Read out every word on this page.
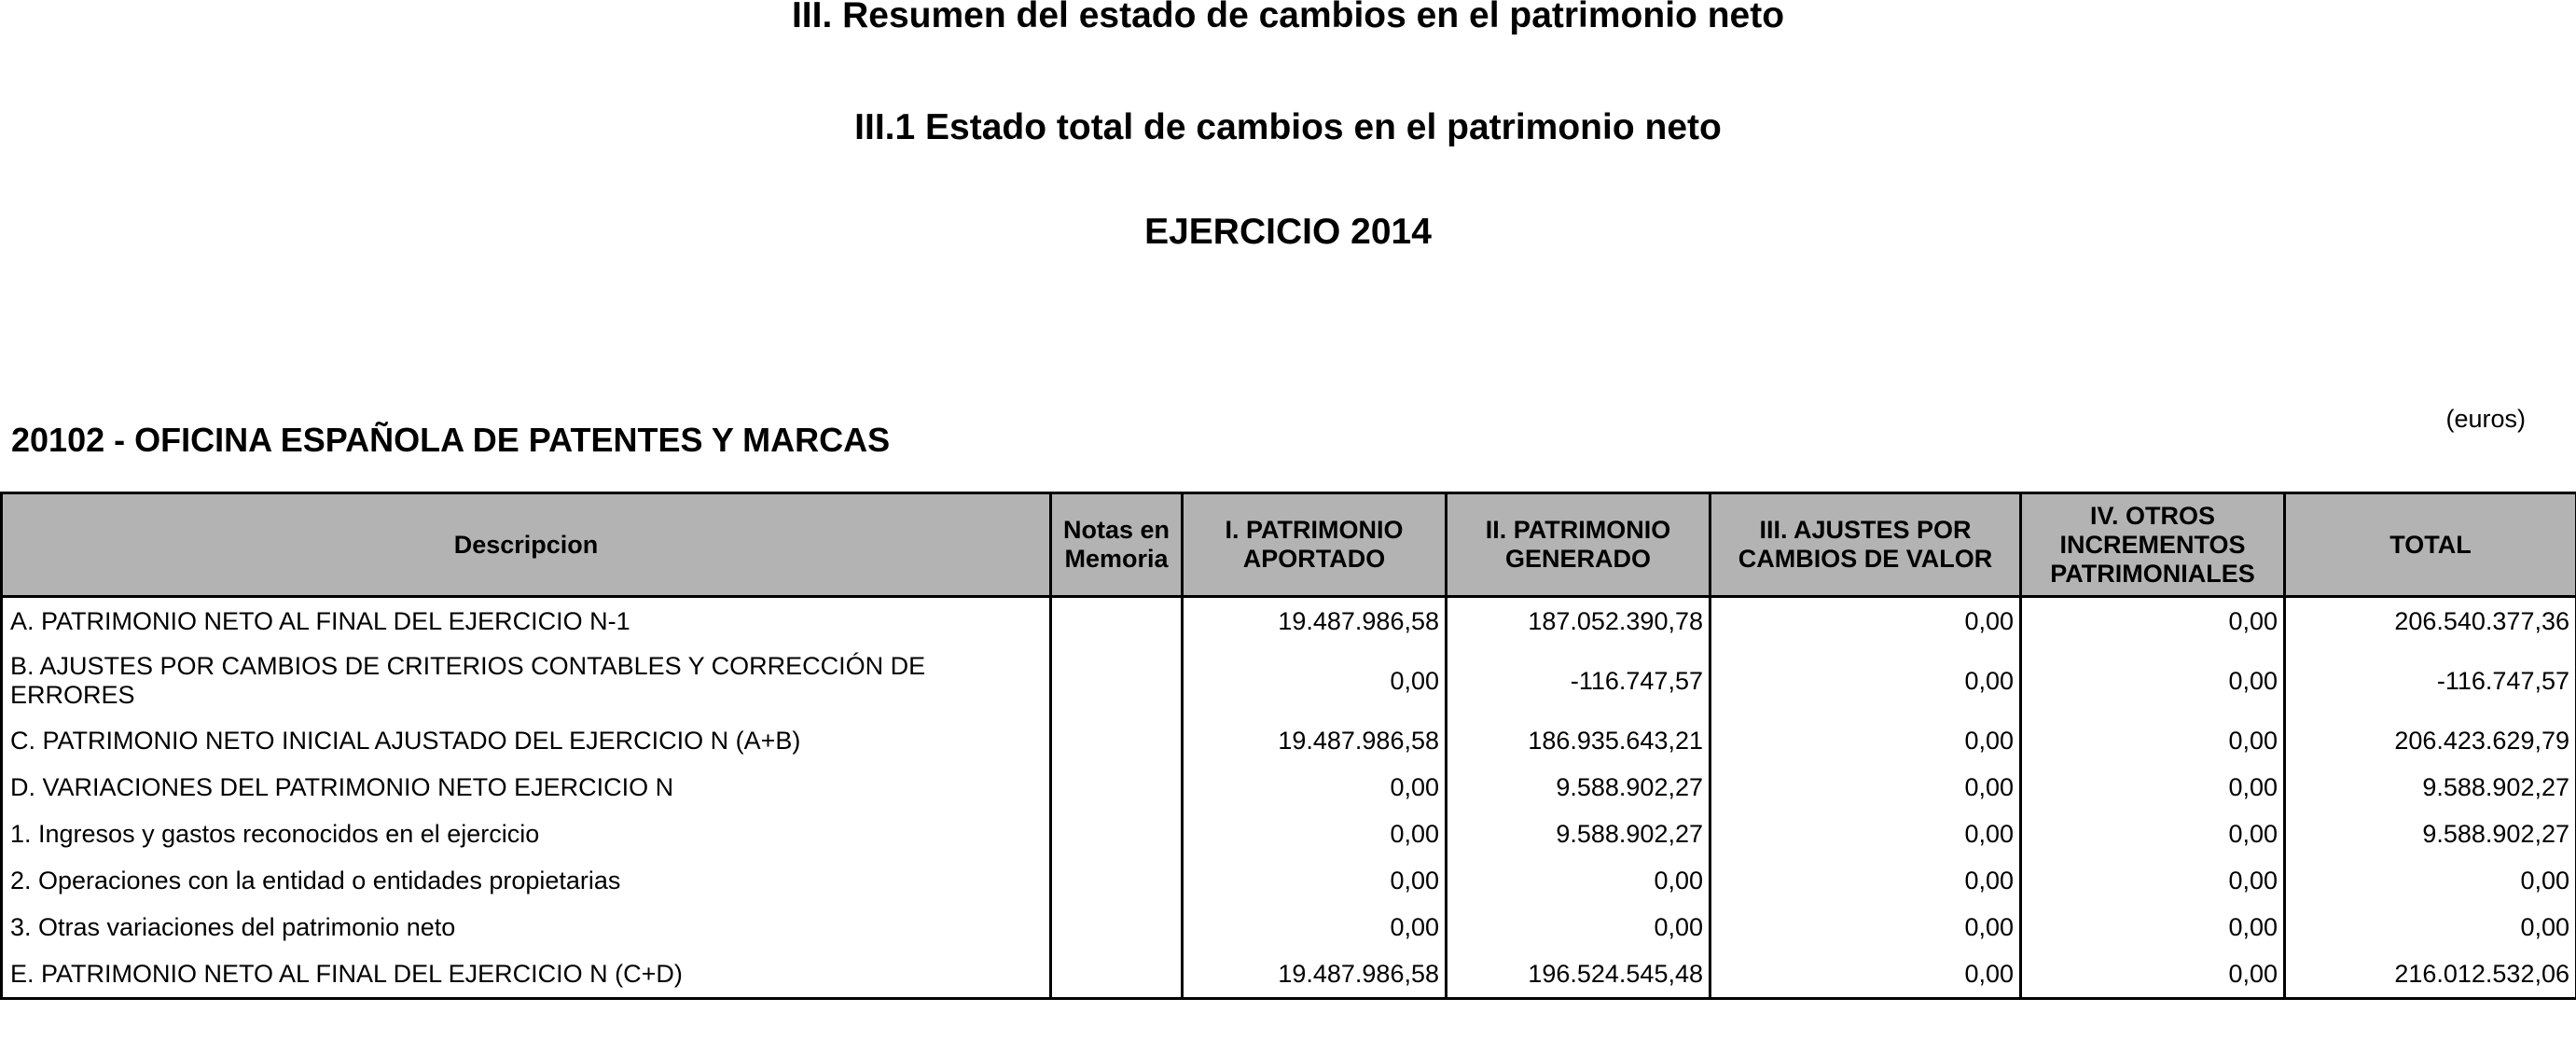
III. Resumen del estado de cambios en el patrimonio neto
III.1 Estado total de cambios en el patrimonio neto
EJERCICIO 2014
20102 - OFICINA ESPAÑOLA DE PATENTES Y MARCAS
(euros)
Descripcion	Notas en Memoria	I. PATRIMONIO APORTADO	II. PATRIMONIO GENERADO	III. AJUSTES POR CAMBIOS DE VALOR	IV. OTROS INCREMENTOS PATRIMONIALES	TOTAL
A. PATRIMONIO NETO AL FINAL DEL EJERCICIO N-1		19.487.986,58	187.052.390,78	0,00	0,00	206.540.377,36
B. AJUSTES POR CAMBIOS DE CRITERIOS CONTABLES Y CORRECCIÓN DE ERRORES		0,00	-116.747,57	0,00	0,00	-116.747,57
C. PATRIMONIO NETO INICIAL AJUSTADO DEL EJERCICIO N (A+B)		19.487.986,58	186.935.643,21	0,00	0,00	206.423.629,79
D. VARIACIONES DEL PATRIMONIO NETO EJERCICIO N		0,00	9.588.902,27	0,00	0,00	9.588.902,27
1. Ingresos y gastos reconocidos en el ejercicio		0,00	9.588.902,27	0,00	0,00	9.588.902,27
2. Operaciones con la entidad o entidades propietarias		0,00	0,00	0,00	0,00	0,00
3. Otras variaciones del patrimonio neto		0,00	0,00	0,00	0,00	0,00
E. PATRIMONIO NETO AL FINAL DEL EJERCICIO N (C+D)		19.487.986,58	196.524.545,48	0,00	0,00	216.012.532,06
